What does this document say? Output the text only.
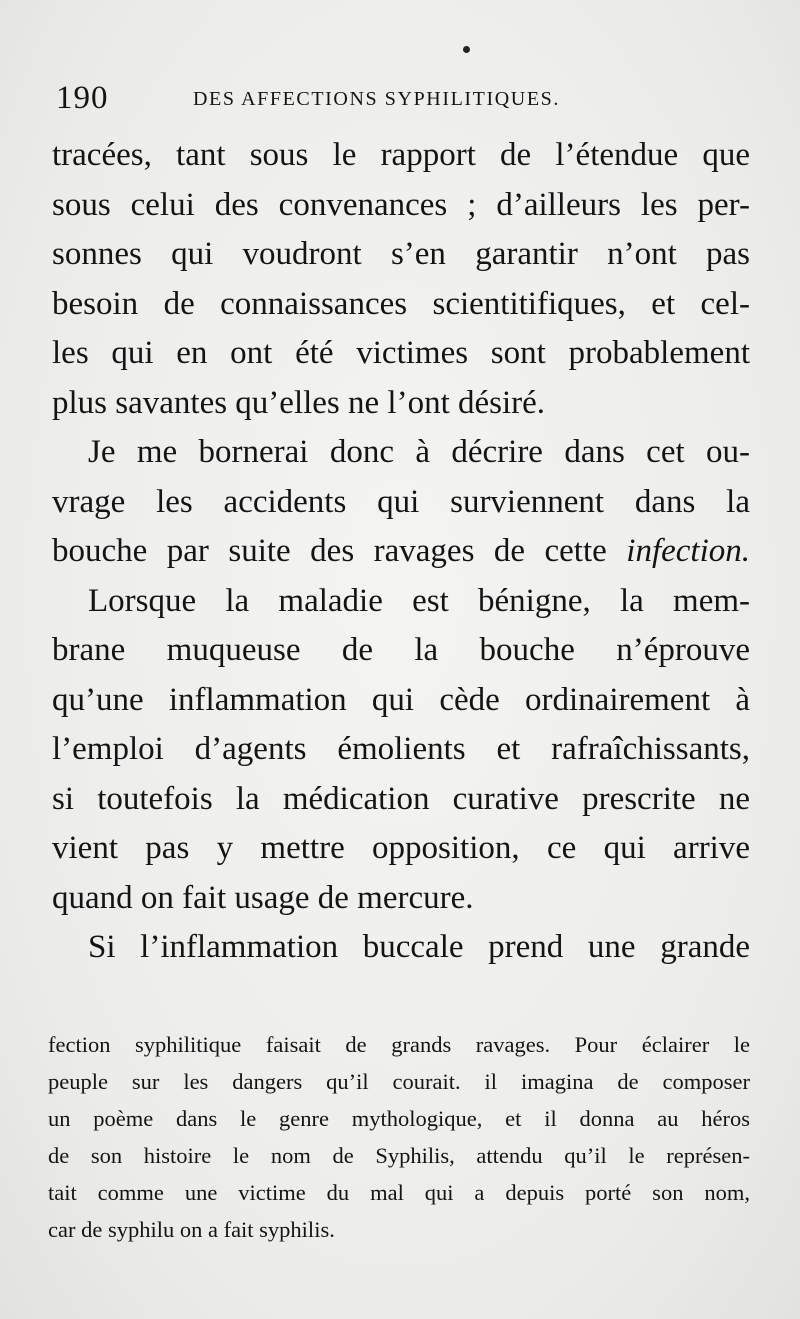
190	DES AFFECTIONS SYPHILITIQUES.

tracées, tant sous le rapport de l’étendue que
sous celui des convenances ; d’ailleurs les per-
sonnes qui voudront s’en garantir n’ont pas
besoin de connaissances scientitifiques, et cel-
les qui en ont été victimes sont probablement
plus savantes qu’elles ne l’ont désiré.

Je me bornerai donc à décrire dans cet ou-
vrage les accidents qui surviennent dans la
bouche par suite des ravages de cette infection.

Lorsque la maladie est bénigne, la mem-
brane muqueuse de la bouche n’éprouve
qu’une inflammation qui cède ordinairement à
l’emploi d’agents émolients et rafraîchissants,
si toutefois la médication curative prescrite ne
vient pas y mettre opposition, ce qui arrive
quand on fait usage de mercure.

Si l’inflammation buccale prend une grande

fection syphilitique faisait de grands ravages. Pour éclairer le
peuple sur les dangers qu’il courait. il imagina de composer
un poème dans le genre mythologique, et il donna au héros
de son histoire le nom de Syphilis, attendu qu’il le représen-
tait comme une victime du mal qui a depuis porté son nom,
car de syphilu on a fait syphilis.
